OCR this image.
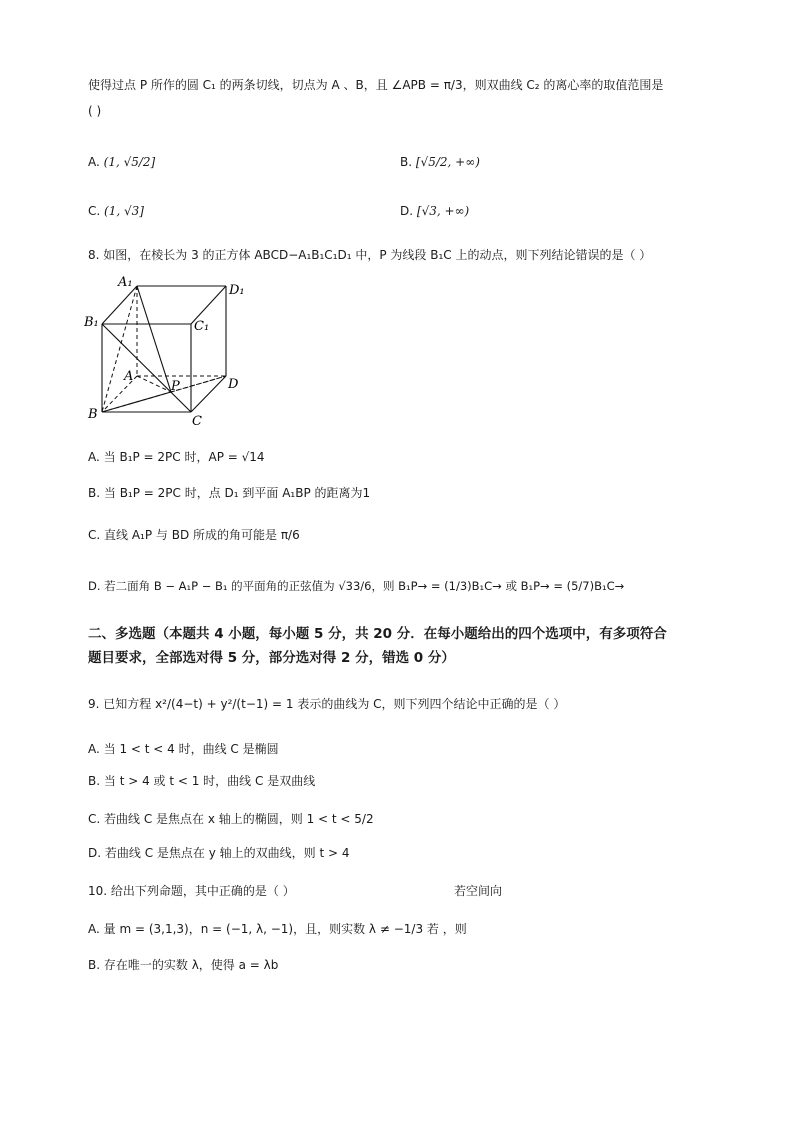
使得过点 P 所作的圆 C₁ 的两条切线，切点为 A 、B，且 ∠APB = π/3，则双曲线 C₂ 的离心率的取值范围是
( )
A. (1, √5/2]	B. [√5/2, +∞)
C. (1, √3]	D. [√3, +∞)
8. 如图，在棱长为 3 的正方体 ABCD−A₁B₁C₁D₁ 中，P 为线段 B₁C 上的动点，则下列结论错误的是（ ）
A₁
D₁
B₁	C₁
A
P	D
B	C
A. 当 B₁P = 2PC 时，AP = √14
B. 当 B₁P = 2PC 时，点 D₁ 到平面 A₁BP 的距离为1
C. 直线 A₁P 与 BD 所成的角可能是 π/6
D. 若二面角 B − A₁P − B₁ 的平面角的正弦值为 √33/6，则 B₁P→ = (1/3)B₁C→ 或 B₁P→ = (5/7)B₁C→
二、多选题（本题共 4 小题，每小题 5 分，共 20 分．在每小题给出的四个选项中，有多项符合
题目要求，全部选对得 5 分，部分选对得 2 分，错选 0 分）
9. 已知方程 x²/(4−t) + y²/(t−1) = 1 表示的曲线为 C，则下列四个结论中正确的是（ ）
A. 当 1 < t < 4 时，曲线 C 是椭圆
B. 当 t > 4 或 t < 1 时，曲线 C 是双曲线
C. 若曲线 C 是焦点在 x 轴上的椭圆，则 1 < t < 5/2
D. 若曲线 C 是焦点在 y 轴上的双曲线，则 t > 4
10. 给出下列命题，其中正确的是（ ）	若空间向
A. 量 m = (3,1,3)，n = (−1, λ, −1)，且，则实数 λ ≠ −1/3 若 ，则
B. 存在唯一的实数 λ，使得 a = λb
